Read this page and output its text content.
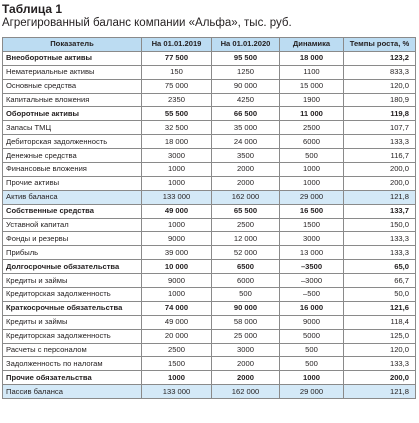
Таблица 1
Агрегированный баланс компании «Альфа», тыс. руб.
Показатель	На 01.01.2019	На 01.01.2020	Динамика	Темпы роста, %
Внеоборотные активы	77 500	95 500	18 000	123,2
Нематериальные активы	150	1250	1100	833,3
Основные средства	75 000	90 000	15 000	120,0
Капитальные вложения	2350	4250	1900	180,9
Оборотные активы	55 500	66 500	11 000	119,8
Запасы ТМЦ	32 500	35 000	2500	107,7
Дебиторская задолженность	18 000	24 000	6000	133,3
Денежные средства	3000	3500	500	116,7
Финансовые вложения	1000	2000	1000	200,0
Прочие активы	1000	2000	1000	200,0
Актив баланса	133 000	162 000	29 000	121,8
Собственные средства	49 000	65 500	16 500	133,7
Уставной капитал	1000	2500	1500	150,0
Фонды и резервы	9000	12 000	3000	133,3
Прибыль	39 000	52 000	13 000	133,3
Долгосрочные обязательства	10 000	6500	–3500	65,0
Кредиты и займы	9000	6000	–3000	66,7
Кредиторская задолженность	1000	500	–500	50,0
Краткосрочные обязательства	74 000	90 000	16 000	121,6
Кредиты и займы	49 000	58 000	9000	118,4
Кредиторская задолженность	20 000	25 000	5000	125,0
Расчеты с персоналом	2500	3000	500	120,0
Задолженность по налогам	1500	2000	500	133,3
Прочие обязательства	1000	2000	1000	200,0
Пассив баланса	133 000	162 000	29 000	121,8
